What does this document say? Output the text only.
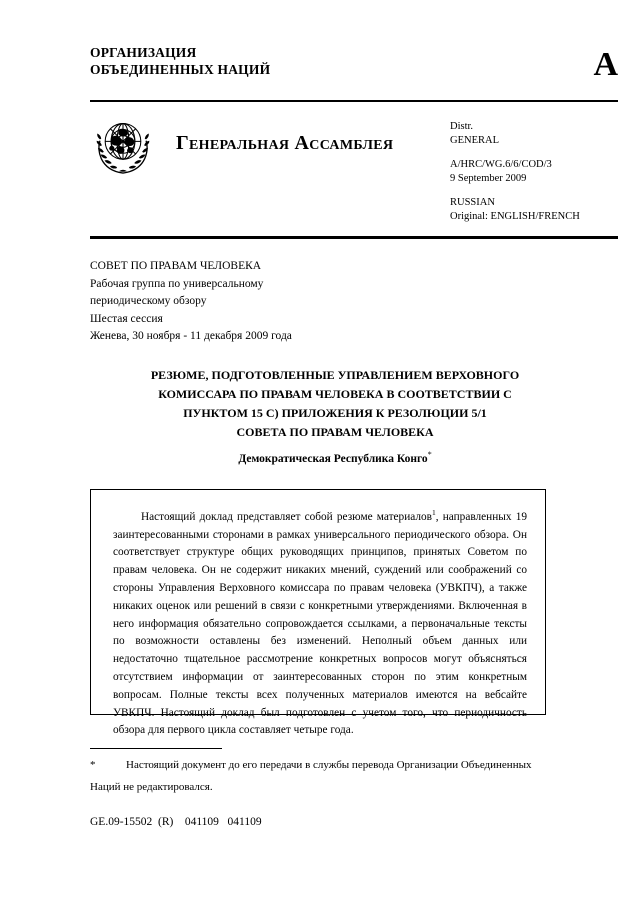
ОРГАНИЗАЦИЯ
ОБЪЕДИНЕННЫХ НАЦИЙ	A
Генеральная Ассамблея
Distr.
GENERAL
A/HRC/WG.6/6/COD/3
9 September 2009
RUSSIAN
Original: ENGLISH/FRENCH
СОВЕТ ПО ПРАВАМ ЧЕЛОВЕКА
Рабочая группа по универсальному
периодическому обзору
Шестая сессия
Женева, 30 ноября - 11 декабря 2009 года
РЕЗЮМЕ, ПОДГОТОВЛЕННЫЕ УПРАВЛЕНИЕМ ВЕРХОВНОГО
КОМИССАРА ПО ПРАВАМ ЧЕЛОВЕКА В СООТВЕТСТВИИ С
ПУНКТОМ 15 С) ПРИЛОЖЕНИЯ К РЕЗОЛЮЦИИ 5/1
СОВЕТА ПО ПРАВАМ ЧЕЛОВЕКА
Демократическая Республика Конго*
Настоящий доклад представляет собой резюме материалов$^1$, направленных 19 заинтересованными сторонами в рамках универсального периодического обзора. Он соответствует структуре общих руководящих принципов, принятых Советом по правам человека. Он не содержит никаких мнений, суждений или соображений со стороны Управления Верховного комиссара по правам человека (УВКПЧ), а также никаких оценок или решений в связи с конкретными утверждениями. Включенная в него информация обязательно сопровождается ссылками, а первоначальные тексты по возможности оставлены без изменений. Неполный объем данных или недостаточно тщательное рассмотрение конкретных вопросов могут объясняться отсутствием информации от заинтересованных сторон по этим конкретным вопросам. Полные тексты всех полученных материалов имеются на вебсайте УВКПЧ. Настоящий доклад был подготовлен с учетом того, что периодичность обзора для первого цикла составляет четыре года.
*	Настоящий документ до его передачи в службы перевода Организации Объединенных Наций не редактировался.
GE.09-15502  (R)    041109   041109
